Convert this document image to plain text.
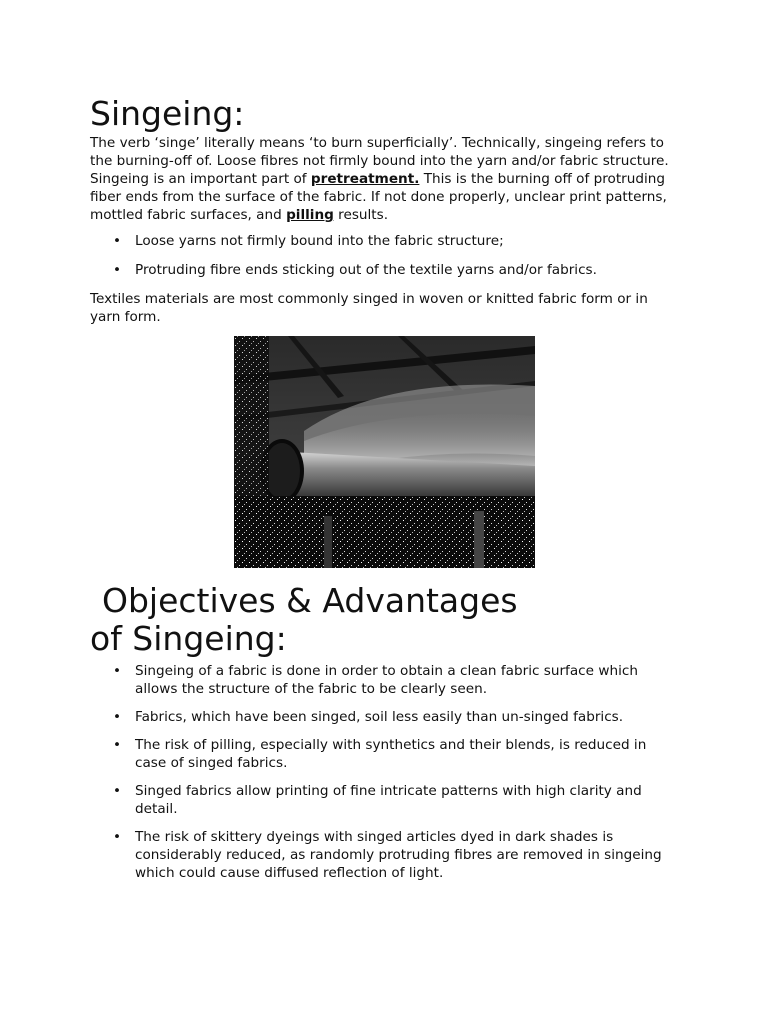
Singeing:

The verb ‘singe’ literally means ‘to burn superficially’. Technically, singeing refers to the burning-off of. Loose fibres not firmly bound into the yarn and/or fabric structure. Singeing is an important part of pretreatment. This is the burning off of protruding fiber ends from the surface of the fabric. If not done properly, unclear print patterns, mottled fabric surfaces, and pilling results.

• Loose yarns not firmly bound into the fabric structure;
• Protruding fibre ends sticking out of the textile yarns and/or fabrics.

Textiles materials are most commonly singed in woven or knitted fabric form or in yarn form.

Objectives & Advantages
of Singeing:
• Singeing of a fabric is done in order to obtain a clean fabric surface which allows the structure of the fabric to be clearly seen.
• Fabrics, which have been singed, soil less easily than un-singed fabrics.
• The risk of pilling, especially with synthetics and their blends, is reduced in case of singed fabrics.
• Singed fabrics allow printing of fine intricate patterns with high clarity and detail.
• The risk of skittery dyeings with singed articles dyed in dark shades is considerably reduced, as randomly protruding fibres are removed in singeing which could cause diffused reflection of light.
